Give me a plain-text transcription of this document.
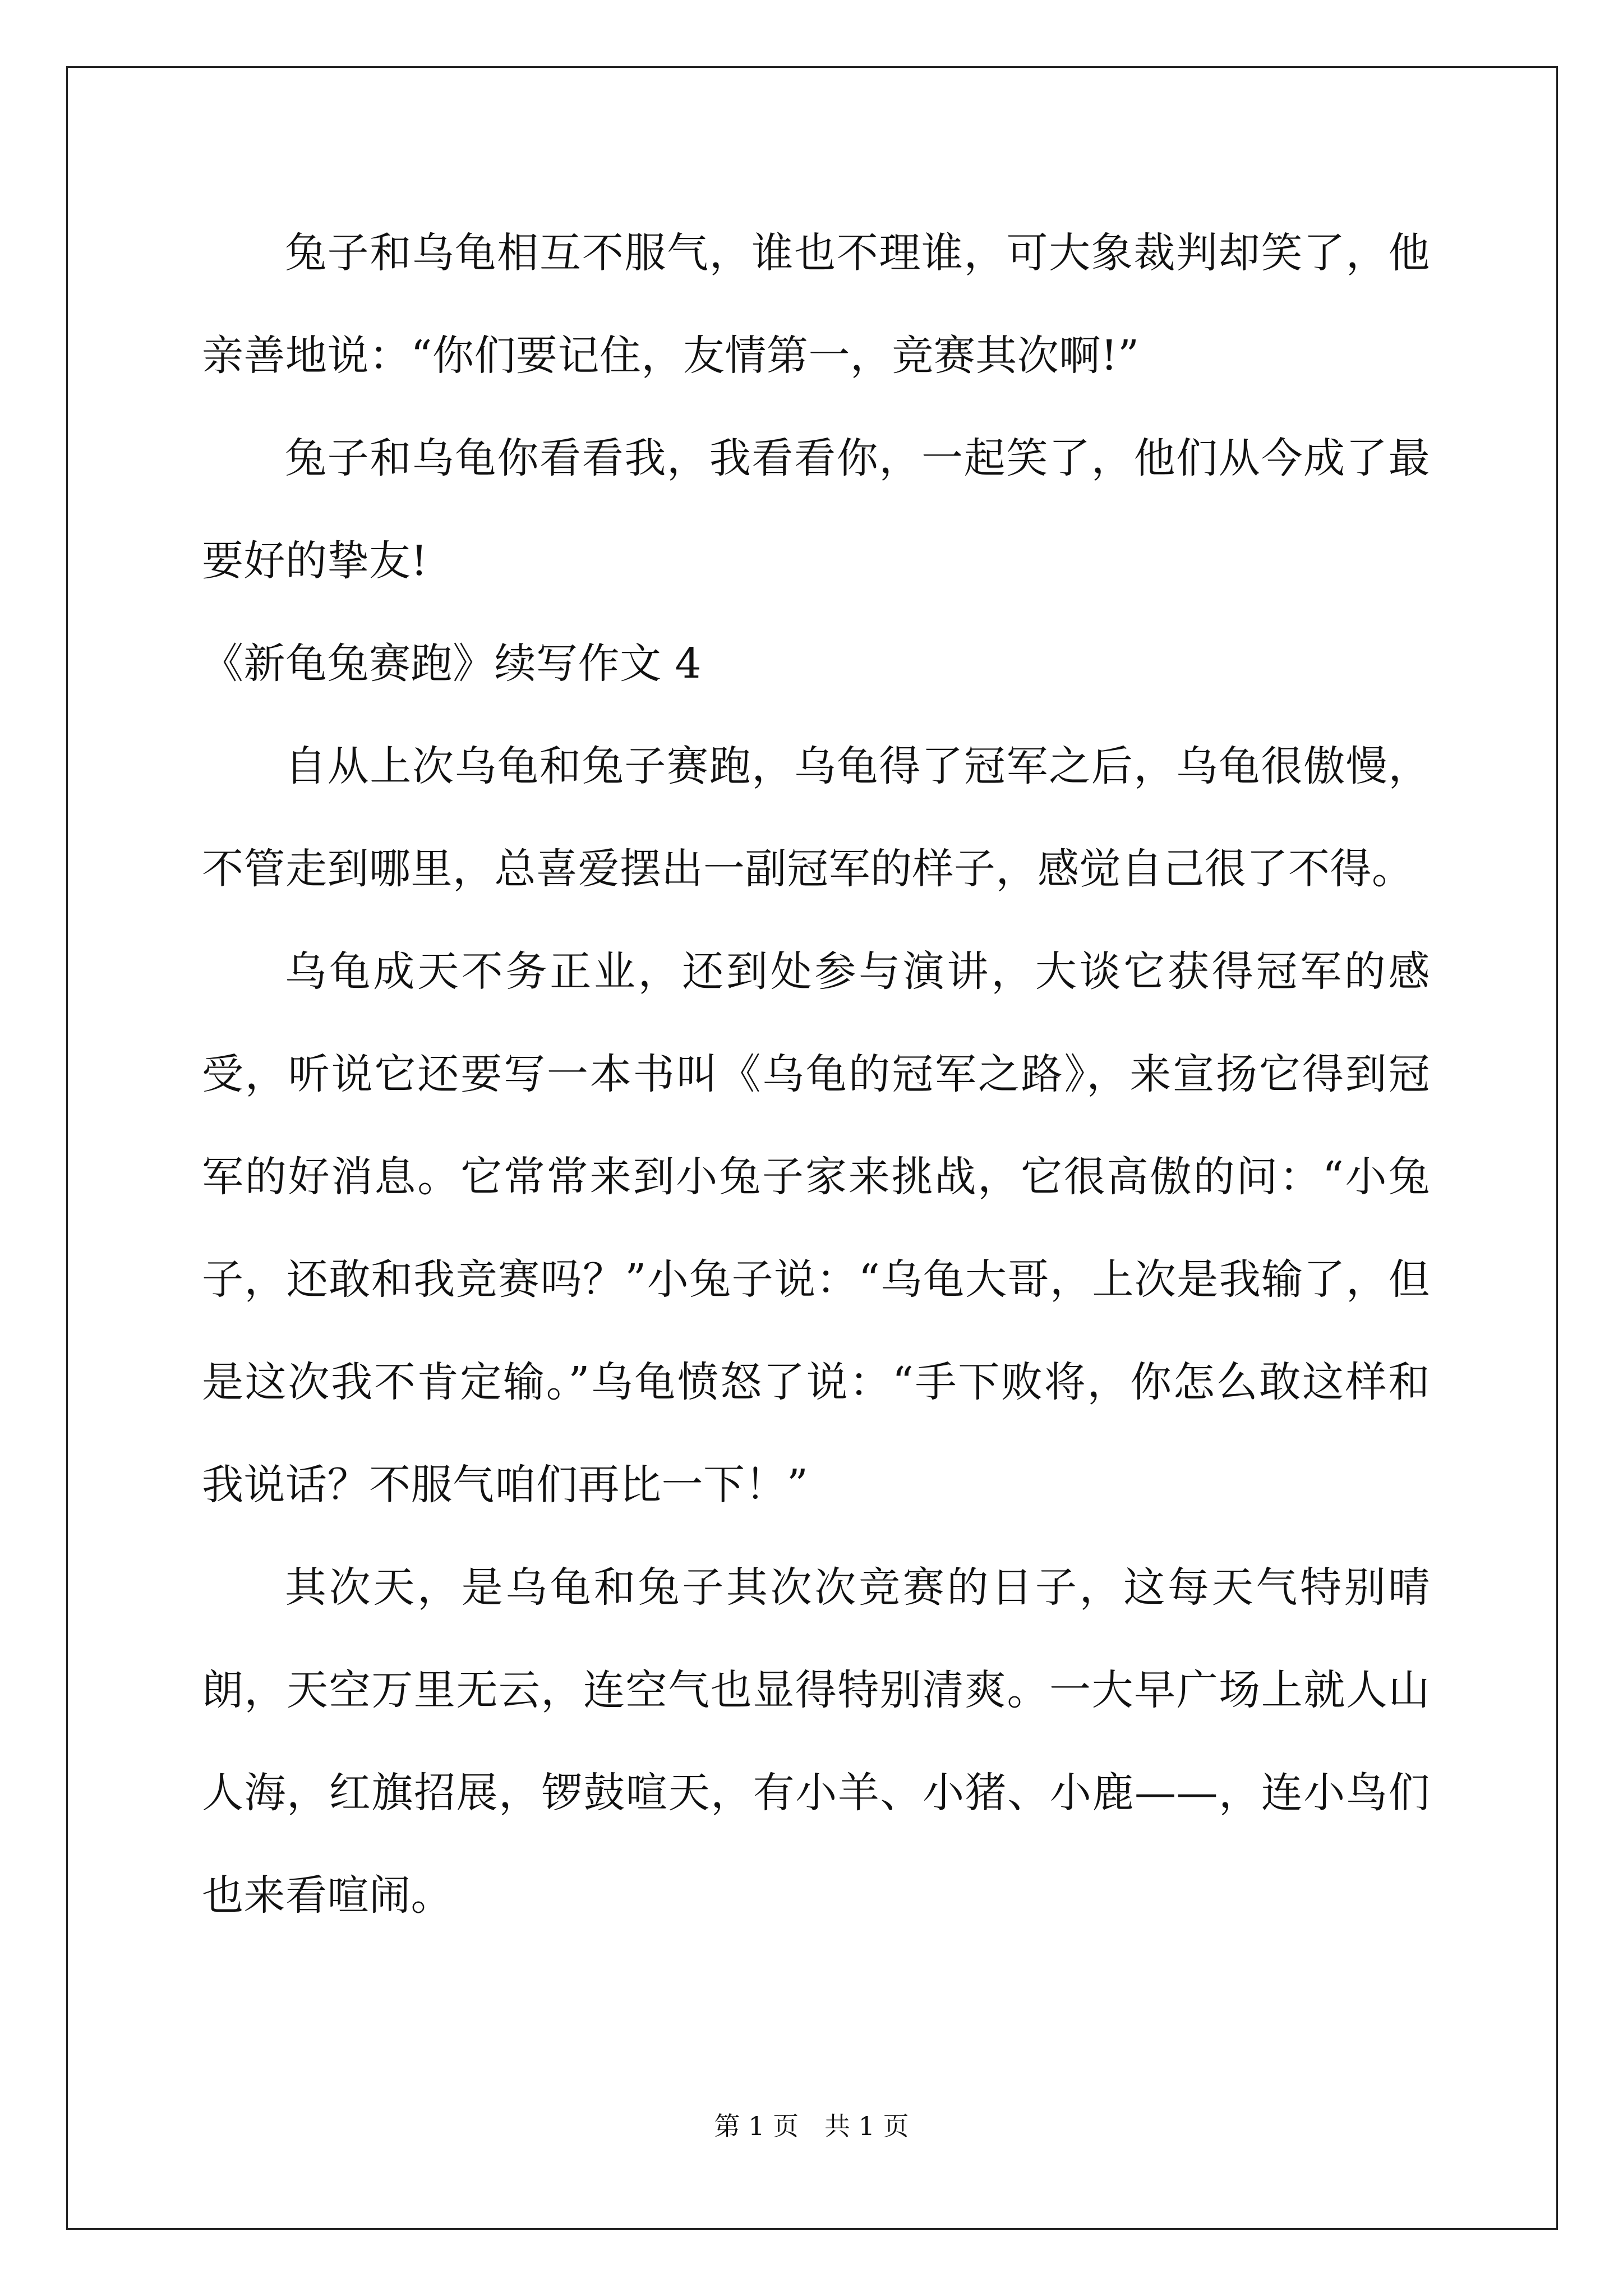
兔子和乌龟相互不服气，谁也不理谁，可大象裁判却笑了，他亲善地说：“你们要记住，友情第一，竞赛其次啊!”

兔子和乌龟你看看我，我看看你，一起笑了，他们从今成了最要好的挚友!

《新龟兔赛跑》续写作文 4

自从上次乌龟和兔子赛跑，乌龟得了冠军之后，乌龟很傲慢，不管走到哪里，总喜爱摆出一副冠军的样子，感觉自己很了不得。

乌龟成天不务正业，还到处参与演讲，大谈它获得冠军的感受，听说它还要写一本书叫《乌龟的冠军之路》，来宣扬它得到冠军的好消息。它常常来到小兔子家来挑战，它很高傲的问：“小兔子，还敢和我竞赛吗？”小兔子说：“乌龟大哥，上次是我输了，但是这次我不肯定输。”乌龟愤怒了说：“手下败将，你怎么敢这样和我说话？不服气咱们再比一下！”

其次天，是乌龟和兔子其次次竞赛的日子，这每天气特别晴朗，天空万里无云，连空气也显得特别清爽。一大早广场上就人山人海，红旗招展，锣鼓喧天，有小羊、小猪、小鹿——，连小鸟们也来看喧闹。

第 1 页　共 1 页
